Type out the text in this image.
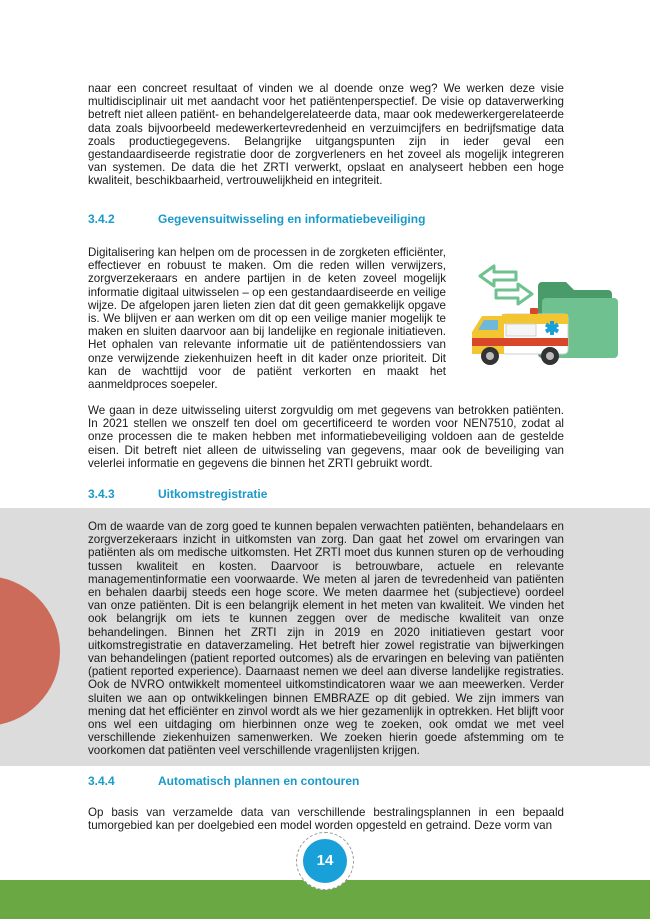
naar een concreet resultaat of vinden we al doende onze weg? We werken deze visie multidisciplinair uit met aandacht voor het patiëntenperspectief. De visie op dataverwerking betreft niet alleen patiënt- en behandelgerelateerde data, maar ook medewerkergerelateerde data zoals bijvoorbeeld medewerkertevredenheid en verzuimcijfers en bedrijfsmatige data zoals productiegegevens. Belangrijke uitgangspunten zijn in ieder geval een gestandaardiseerde registratie door de zorgverleners en het zoveel als mogelijk integreren van systemen. De data die het ZRTI verwerkt, opslaat en analyseert hebben een hoge kwaliteit, beschikbaarheid, vertrouwelijkheid en integriteit.

3.4.2	Gegevensuitwisseling en informatiebeveiliging

Digitalisering kan helpen om de processen in de zorgketen efficiënter, effectiever en robuust te maken. Om die reden willen verwijzers, zorgverzekeraars en andere partijen in de keten zoveel mogelijk informatie digitaal uitwisselen – op een gestandaardiseerde en veilige wijze. De afgelopen jaren lieten zien dat dit geen gemakkelijk opgave is. We blijven er aan werken om dit op een veilige manier mogelijk te maken en sluiten daarvoor aan bij landelijke en regionale initiatieven. Het ophalen van relevante informatie uit de patiëntendossiers van onze verwijzende ziekenhuizen heeft in dit kader onze prioriteit. Dit kan de wachttijd voor de patiënt verkorten en maakt het aanmeldproces soepeler.

We gaan in deze uitwisseling uiterst zorgvuldig om met gegevens van betrokken patiënten. In 2021 stellen we onszelf ten doel om gecertificeerd te worden voor NEN7510, zodat al onze processen die te maken hebben met informatiebeveiliging voldoen aan de gestelde eisen. Dit betreft niet alleen de uitwisseling van gegevens, maar ook de beveiliging van velerlei informatie en gegevens die binnen het ZRTI gebruikt wordt.

3.4.3	Uitkomstregistratie

Om de waarde van de zorg goed te kunnen bepalen verwachten patiënten, behandelaars en zorgverzekeraars inzicht in uitkomsten van zorg. Dan gaat het zowel om ervaringen van patiënten als om medische uitkomsten. Het ZRTI moet dus kunnen sturen op de verhouding tussen kwaliteit en kosten. Daarvoor is betrouwbare, actuele en relevante managementinformatie een voorwaarde. We meten al jaren de tevredenheid van patiënten en behalen daarbij steeds een hoge score. We meten daarmee het (subjectieve) oordeel van onze patiënten. Dit is een belangrijk element in het meten van kwaliteit. We vinden het ook belangrijk om iets te kunnen zeggen over de medische kwaliteit van onze behandelingen. Binnen het ZRTI zijn in 2019 en 2020 initiatieven gestart voor uitkomstregistratie en dataverzameling. Het betreft hier zowel registratie van bijwerkingen van behandelingen (patient reported outcomes) als de ervaringen en beleving van patiënten (patient reported experience). Daarnaast nemen we deel aan diverse landelijke registraties. Ook de NVRO ontwikkelt momenteel uitkomstindicatoren waar we aan meewerken. Verder sluiten we aan op ontwikkelingen binnen EMBRAZE op dit gebied. We zijn immers van mening dat het efficiënter en zinvol wordt als we hier gezamenlijk in optrekken. Het blijft voor ons wel een uitdaging om hierbinnen onze weg te zoeken, ook omdat we met veel verschillende ziekenhuizen samenwerken. We zoeken hierin goede afstemming om te voorkomen dat patiënten veel verschillende vragenlijsten krijgen.

3.4.4	Automatisch plannen en contouren

Op basis van verzamelde data van verschillende bestralingsplannen in een bepaald tumorgebied kan per doelgebied een model worden opgesteld en getraind. Deze vorm van

14
